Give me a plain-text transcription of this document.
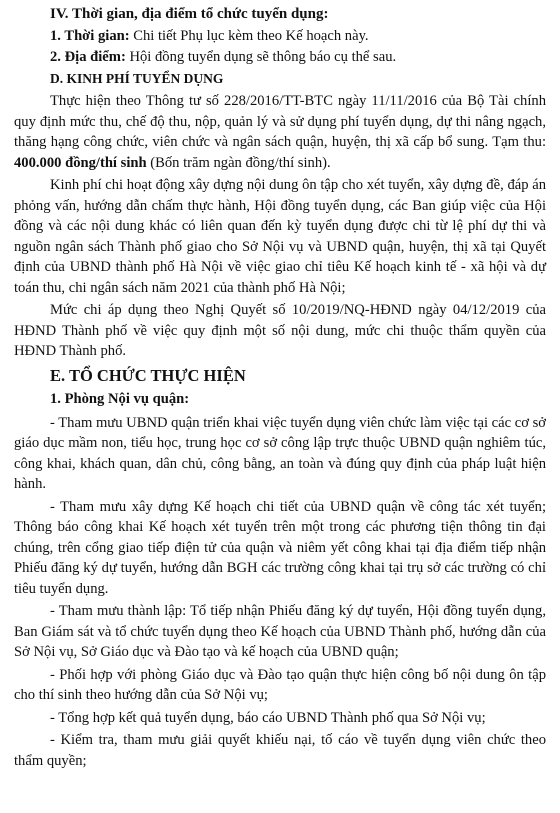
IV. Thời gian, địa điểm tổ chức tuyển dụng:

1. Thời gian: Chi tiết Phụ lục kèm theo Kế hoạch này.

2. Địa điểm: Hội đồng tuyển dụng sẽ thông báo cụ thể sau.

D. KINH PHÍ TUYỂN DỤNG

Thực hiện theo Thông tư số 228/2016/TT-BTC ngày 11/11/2016 của Bộ Tài chính quy định mức thu, chế độ thu, nộp, quản lý và sử dụng phí tuyển dụng, dự thi nâng ngạch, thăng hạng công chức, viên chức và ngân sách quận, huyện, thị xã cấp bổ sung. Tạm thu: 400.000 đồng/thí sinh (Bốn trăm ngàn đồng/thí sinh).

Kinh phí chi hoạt động xây dựng nội dung ôn tập cho xét tuyển, xây dựng đề, đáp án phỏng vấn, hướng dẫn chấm thực hành, Hội đồng tuyển dụng, các Ban giúp việc của Hội đồng và các nội dung khác có liên quan đến kỳ tuyển dụng được chi từ lệ phí dự thi và nguồn ngân sách Thành phố giao cho Sở Nội vụ và UBND quận, huyện, thị xã tại Quyết định của UBND thành phố Hà Nội về việc giao chỉ tiêu Kế hoạch kinh tế - xã hội và dự toán thu, chi ngân sách năm 2021 của thành phố Hà Nội;

Mức chi áp dụng theo Nghị Quyết số 10/2019/NQ-HĐND ngày 04/12/2019 của HĐND Thành phố về việc quy định một số nội dung, mức chi thuộc thẩm quyền của HĐND Thành phố.

E. TỔ CHỨC THỰC HIỆN

1. Phòng Nội vụ quận:

- Tham mưu UBND quận triển khai việc tuyển dụng viên chức làm việc tại các cơ sở giáo dục mầm non, tiểu học, trung học cơ sở công lập trực thuộc UBND quận nghiêm túc, công khai, khách quan, dân chủ, công bằng, an toàn và đúng quy định của pháp luật hiện hành.

- Tham mưu xây dựng Kế hoạch chi tiết của UBND quận về công tác xét tuyển; Thông báo công khai Kế hoạch xét tuyển trên một trong các phương tiện thông tin đại chúng, trên cổng giao tiếp điện tử của quận và niêm yết công khai tại địa điểm tiếp nhận Phiếu đăng ký dự tuyển, hướng dẫn BGH các trường công khai tại trụ sở các trường có chỉ tiêu tuyển dụng.

- Tham mưu thành lập: Tổ tiếp nhận Phiếu đăng ký dự tuyển, Hội đồng tuyển dụng, Ban Giám sát và tổ chức tuyển dụng theo Kế hoạch của UBND Thành phố, hướng dẫn của Sở Nội vụ, Sở Giáo dục và Đào tạo và kế hoạch của UBND quận;

- Phối hợp với phòng Giáo dục và Đào tạo quận thực hiện công bố nội dung ôn tập cho thí sinh theo hướng dẫn của Sở Nội vụ;

- Tổng hợp kết quả tuyển dụng, báo cáo UBND Thành phố qua Sở Nội vụ;

- Kiểm tra, tham mưu giải quyết khiếu nại, tố cáo về tuyển dụng viên chức theo thẩm quyền;
